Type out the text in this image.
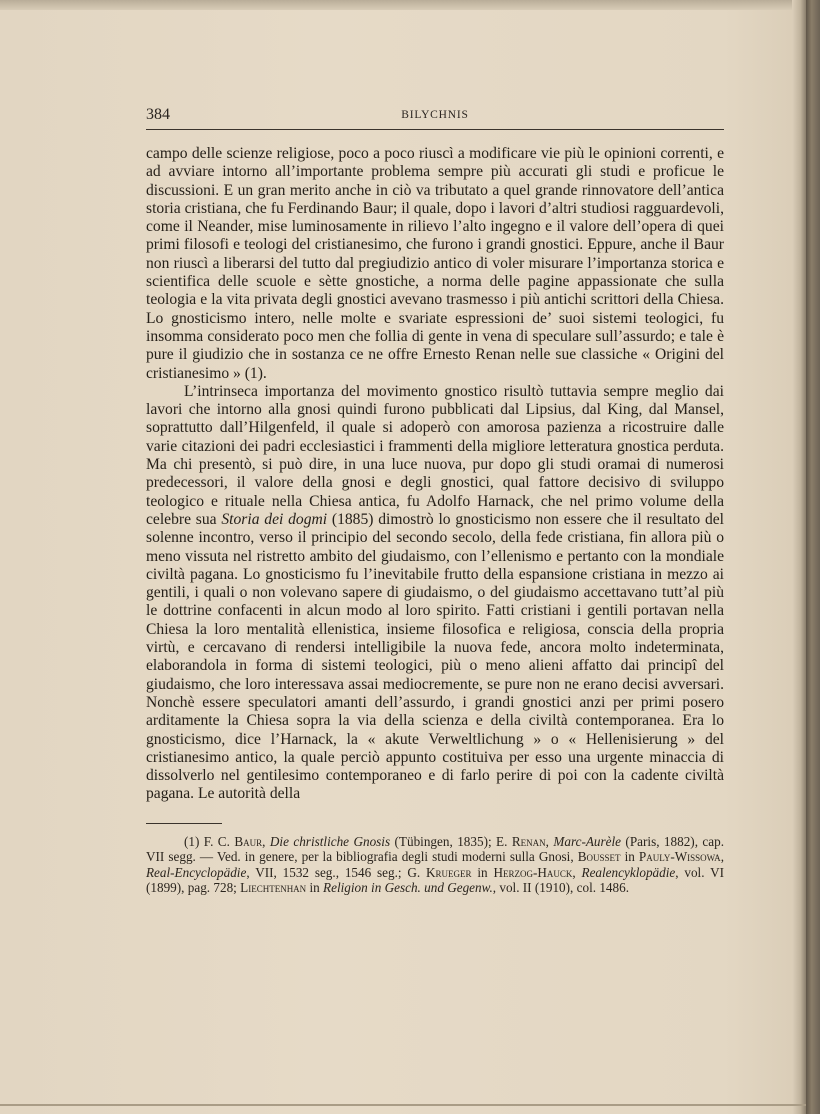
384	BILYCHNIS

campo delle scienze religiose, poco a poco riuscì a modificare vie più le opinioni correnti, e ad avviare intorno all’importante problema sempre più accurati gli studi e proficue le discussioni. E un gran merito anche in ciò va tributato a quel grande rinnovatore dell’antica storia cristiana, che fu Ferdinando Baur; il quale, dopo i lavori d’altri studiosi ragguardevoli, come il Neander, mise luminosamente in rilievo l’alto ingegno e il valore dell’opera di quei primi filosofi e teologi del cristianesimo, che furono i grandi gnostici. Eppure, anche il Baur non riuscì a liberarsi del tutto dal pregiudizio antico di voler misurare l’importanza storica e scientifica delle scuole e sètte gnostiche, a norma delle pagine appassionate che sulla teologia e la vita privata degli gnostici avevano trasmesso i più antichi scrittori della Chiesa. Lo gnosticismo intero, nelle molte e svariate espressioni de’ suoi sistemi teologici, fu insomma considerato poco men che follia di gente in vena di speculare sull’assurdo; e tale è pure il giudizio che in sostanza ce ne offre Ernesto Renan nelle sue classiche « Origini del cristianesimo » (1).

L’intrinseca importanza del movimento gnostico risultò tuttavia sempre meglio dai lavori che intorno alla gnosi quindi furono pubblicati dal Lipsius, dal King, dal Mansel, soprattutto dall’Hilgenfeld, il quale si adoperò con amorosa pazienza a ricostruire dalle varie citazioni dei padri ecclesiastici i frammenti della migliore letteratura gnostica perduta. Ma chi presentò, si può dire, in una luce nuova, pur dopo gli studi oramai di numerosi predecessori, il valore della gnosi e degli gnostici, qual fattore decisivo di sviluppo teologico e rituale nella Chiesa antica, fu Adolfo Harnack, che nel primo volume della celebre sua Storia dei dogmi (1885) dimostrò lo gnosticismo non essere che il resultato del solenne incontro, verso il principio del secondo secolo, della fede cristiana, fin allora più o meno vissuta nel ristretto ambito del giudaismo, con l’ellenismo e pertanto con la mondiale civiltà pagana. Lo gnosticismo fu l’inevitabile frutto della espansione cristiana in mezzo ai gentili, i quali o non volevano sapere di giudaismo, o del giudaismo accettavano tutt’al più le dottrine confacenti in alcun modo al loro spirito. Fatti cristiani i gentili portavan nella Chiesa la loro mentalità ellenistica, insieme filosofica e religiosa, conscia della propria virtù, e cercavano di rendersi intelligibile la nuova fede, ancora molto indeterminata, elaborandola in forma di sistemi teologici, più o meno alieni affatto dai principî del giudaismo, che loro interessava assai mediocremente, se pure non ne erano decisi avversari. Nonchè essere speculatori amanti dell’assurdo, i grandi gnostici anzi per primi posero arditamente la Chiesa sopra la via della scienza e della civiltà contemporanea. Era lo gnosticismo, dice l’Harnack, la « akute Verweltlichung » o « Hellenisierung » del cristianesimo antico, la quale perciò appunto costituiva per esso una urgente minaccia di dissolverlo nel gentilesimo contemporaneo e di farlo perire di poi con la cadente civiltà pagana. Le autorità della

(1) F. C. Baur, Die christliche Gnosis (Tübingen, 1835); E. Renan, Marc-Aurèle (Paris, 1882), cap. VII segg. — Ved. in genere, per la bibliografia degli studi moderni sulla Gnosi, Bousset in Pauly-Wissowa, Real-Encyclopädie, VII, 1532 seg., 1546 seg.; G. Krueger in Herzog-Hauck, Realencyklopädie, vol. VI (1899), pag. 728; Liechtenhan in Religion in Gesch. und Gegenw., vol. II (1910), col. 1486.
